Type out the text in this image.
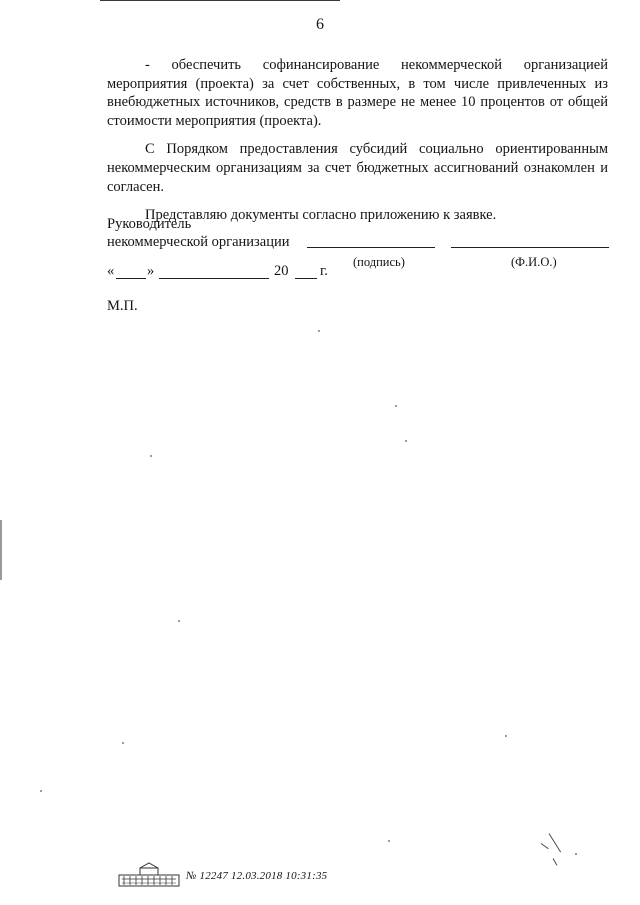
6

- обеспечить софинансирование некоммерческой организацией мероприятия (проекта) за счет собственных, в том числе привлеченных из внебюджетных источников, средств в размере не менее 10 процентов от общей стоимости мероприятия (проекта).

С Порядком предоставления субсидий социально ориентированным некоммерческим организациям за счет бюджетных ассигнований ознакомлен и согласен.

Представляю документы согласно приложению к заявке.

Руководитель
некоммерческой организации
(подпись)	(Ф.И.О.)
« »	20 г.
М.П.
№ 12247 12.03.2018 10:31:35
